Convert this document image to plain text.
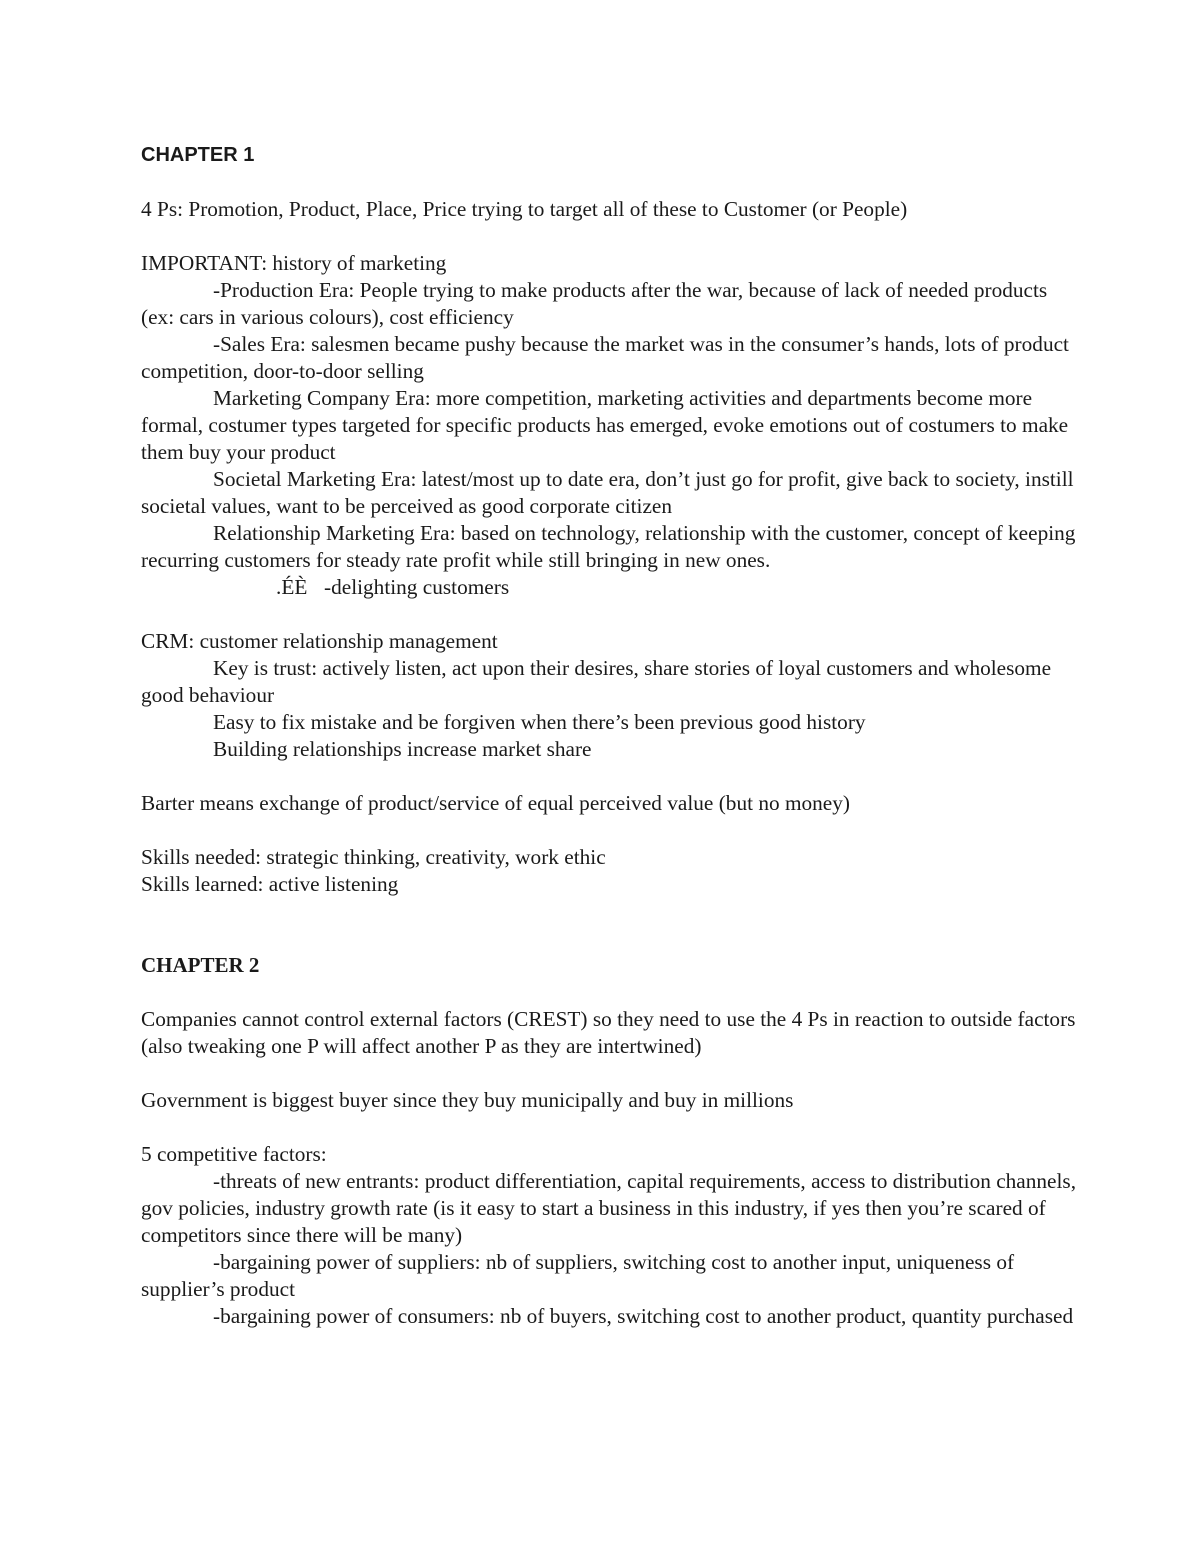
CHAPTER 1

4 Ps: Promotion, Product, Place, Price trying to target all of these to Customer (or People)

IMPORTANT: history of marketing

-Production Era: People trying to make products after the war, because of lack of needed products (ex: cars in various colours), cost efficiency

-Sales Era: salesmen became pushy because the market was in the consumer’s hands, lots of product competition, door-to-door selling

Marketing Company Era: more competition, marketing activities and departments become more formal, costumer types targeted for specific products has emerged, evoke emotions out of costumers to make them buy your product

Societal Marketing Era: latest/most up to date era, don’t just go for profit, give back to society, instill societal values, want to be perceived as good corporate citizen

Relationship Marketing Era: based on technology, relationship with the customer, concept of keeping recurring customers for steady rate profit while still bringing in new ones.

.ÉÈ -delighting customers

CRM: customer relationship management

Key is trust: actively listen, act upon their desires, share stories of loyal customers and wholesome good behaviour

Easy to fix mistake and be forgiven when there’s been previous good history

Building relationships increase market share

Barter means exchange of product/service of equal perceived value (but no money)

Skills needed: strategic thinking, creativity, work ethic

Skills learned: active listening

CHAPTER 2

Companies cannot control external factors (CREST) so they need to use the 4 Ps in reaction to outside factors (also tweaking one P will affect another P as they are intertwined)

Government is biggest buyer since they buy municipally and buy in millions

5 competitive factors:

-threats of new entrants: product differentiation, capital requirements, access to distribution channels, gov policies, industry growth rate (is it easy to start a business in this industry, if yes then you’re scared of competitors since there will be many)

-bargaining power of suppliers: nb of suppliers, switching cost to another input, uniqueness of supplier’s product

-bargaining power of consumers: nb of buyers, switching cost to another product, quantity purchased
